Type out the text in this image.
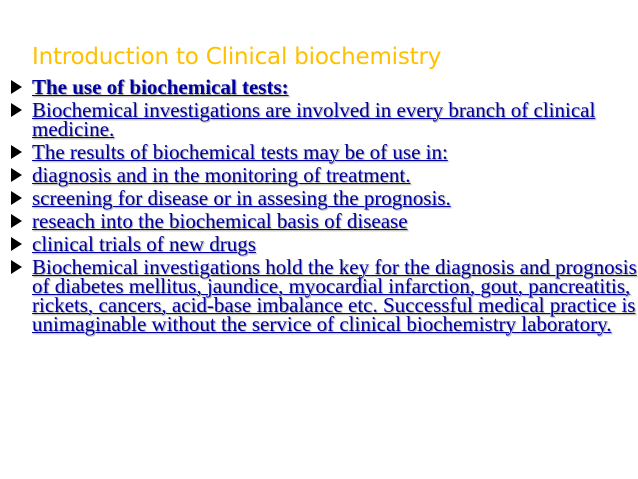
Introduction to Clinical biochemistry
The use of biochemical tests:
Biochemical investigations are involved in every branch of clinical medicine.
The results of biochemical tests may be of use in:
diagnosis and in the monitoring of treatment.
screening for disease or in assesing the prognosis.
reseach into the biochemical basis of disease
clinical trials of new drugs
Biochemical investigations hold the key for the diagnosis and prognosis of diabetes mellitus, jaundice, myocardial infarction, gout, pancreatitis, rickets, cancers, acid-base imbalance etc. Successful medical practice is unimaginable without the service of clinical biochemistry laboratory.
